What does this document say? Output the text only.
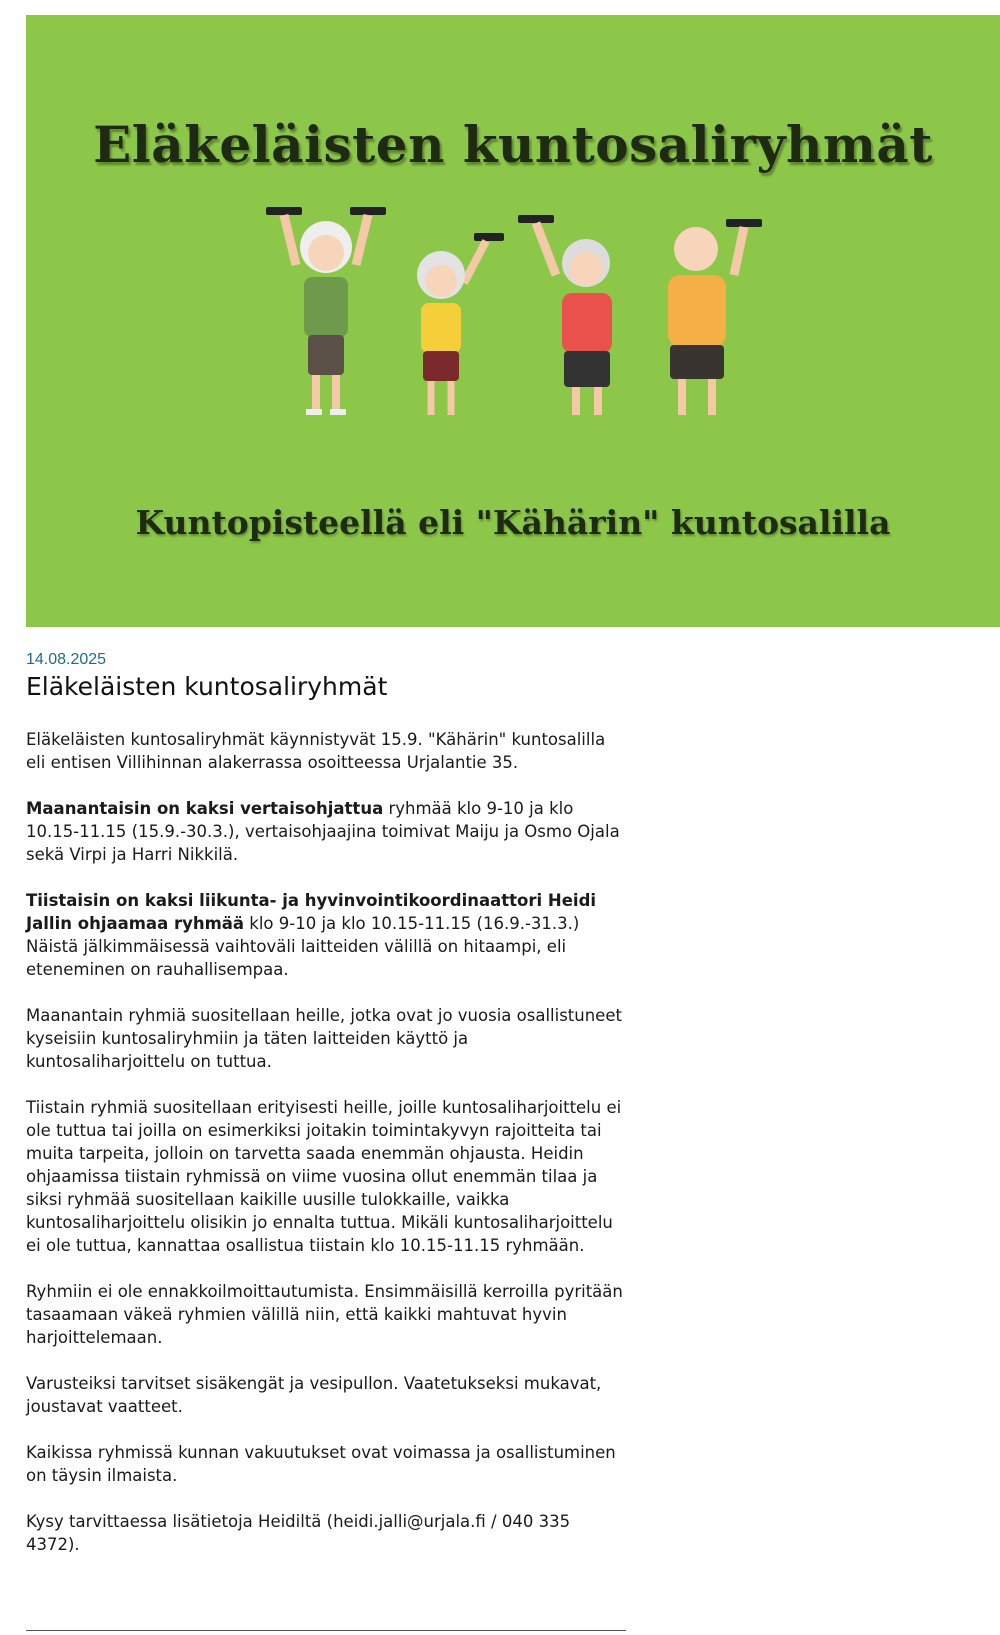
Eläkeläisten kuntosaliryhmät
Kuntopisteellä eli "Kähärin" kuntosalilla
14.08.2025
Eläkeläisten kuntosaliryhmät

Eläkeläisten kuntosaliryhmät käynnistyvät 15.9. "Kähärin" kuntosalilla eli entisen Villihinnan alakerrassa osoitteessa Urjalantie 35.

Maanantaisin on kaksi vertaisohjattua ryhmää klo 9-10 ja klo 10.15-11.15 (15.9.-30.3.), vertaisohjaajina toimivat Maiju ja Osmo Ojala sekä Virpi ja Harri Nikkilä.

Tiistaisin on kaksi liikunta- ja hyvinvointikoordinaattori Heidi Jallin ohjaamaa ryhmää klo 9-10 ja klo 10.15-11.15 (16.9.-31.3.) Näistä jälkimmäisessä vaihtoväli laitteiden välillä on hitaampi, eli eteneminen on rauhallisempaa.

Maanantain ryhmiä suositellaan heille, jotka ovat jo vuosia osallistuneet kyseisiin kuntosaliryhmiin ja täten laitteiden käyttö ja kuntosaliharjoittelu on tuttua.

Tiistain ryhmiä suositellaan erityisesti heille, joille kuntosaliharjoittelu ei ole tuttua tai joilla on esimerkiksi joitakin toimintakyvyn rajoitteita tai muita tarpeita, jolloin on tarvetta saada enemmän ohjausta. Heidin ohjaamissa tiistain ryhmissä on viime vuosina ollut enemmän tilaa ja siksi ryhmää suositellaan kaikille uusille tulokkaille, vaikka kuntosaliharjoittelu olisikin jo ennalta tuttua. Mikäli kuntosaliharjoittelu ei ole tuttua, kannattaa osallistua tiistain klo 10.15-11.15 ryhmään.

Ryhmiin ei ole ennakkoilmoittautumista. Ensimmäisillä kerroilla pyritään tasaamaan väkeä ryhmien välillä niin, että kaikki mahtuvat hyvin harjoittelemaan.

Varusteiksi tarvitset sisäkengät ja vesipullon. Vaatetukseksi mukavat, joustavat vaatteet.

Kaikissa ryhmissä kunnan vakuutukset ovat voimassa ja osallistuminen on täysin ilmaista.

Kysy tarvittaessa lisätietoja Heidiltä (heidi.jalli@urjala.fi / 040 335 4372).
